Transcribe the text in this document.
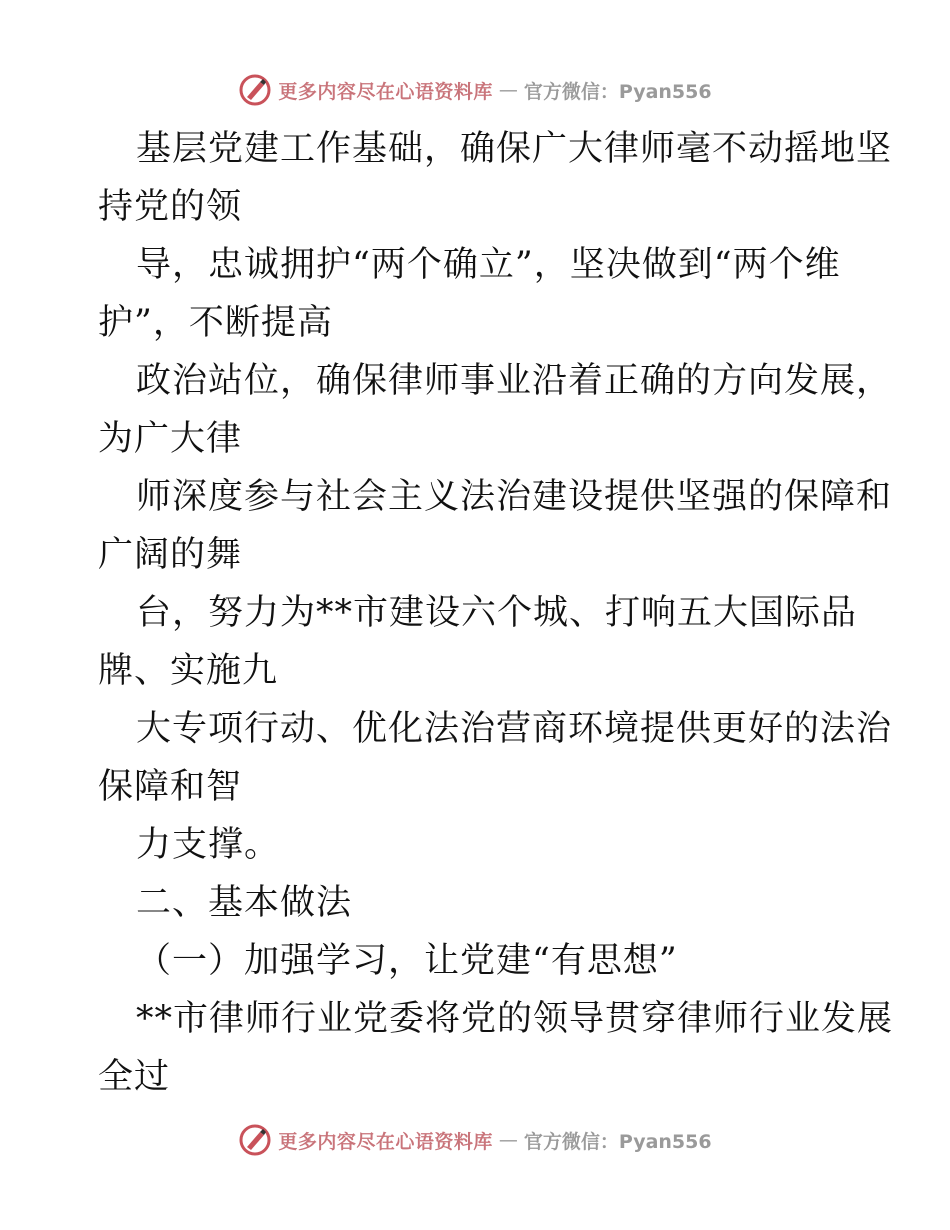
更多内容尽在心语资料库 — 官方微信：Pyan556
基层党建工作基础，确保广大律师毫不动摇地坚
持党的领
导，忠诚拥护“两个确立”，坚决做到“两个维
护”，不断提高
政治站位，确保律师事业沿着正确的方向发展，
为广大律
师深度参与社会主义法治建设提供坚强的保障和
广阔的舞
台，努力为**市建设六个城、打响五大国际品
牌、实施九
大专项行动、优化法治营商环境提供更好的法治
保障和智
力支撑。
二、基本做法
（一）加强学习，让党建“有思想”
**市律师行业党委将党的领导贯穿律师行业发展
全过
更多内容尽在心语资料库 — 官方微信：Pyan556
